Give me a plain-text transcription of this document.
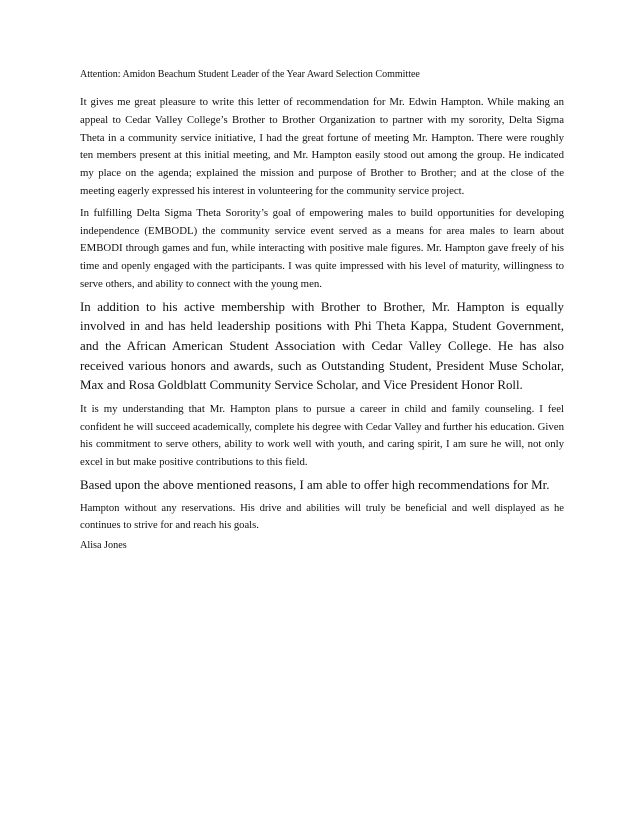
Attention: Amidon Beachum Student Leader of the Year Award Selection Committee

It gives me great pleasure to write this letter of recommendation for Mr. Edwin Hampton. While making an appeal to Cedar Valley College’s Brother to Brother Organization to partner with my sorority, Delta Sigma Theta in a community service initiative, I had the great fortune of meeting Mr. Hampton. There were roughly ten members present at this initial meeting, and Mr. Hampton easily stood out among the group. He indicated my place on the agenda; explained the mission and purpose of Brother to Brother; and at the close of the meeting eagerly expressed his interest in volunteering for the community service project.

In fulfilling Delta Sigma Theta Sorority’s goal of empowering males to build opportunities for developing independence (EMBODL) the community service event served as a means for area males to learn about EMBODI through games and fun, while interacting with positive male figures. Mr. Hampton gave freely of his time and openly engaged with the participants. I was quite impressed with his level of maturity, willingness to serve others, and ability to connect with the young men.

In addition to his active membership with Brother to Brother, Mr. Hampton is equally involved in and has held leadership positions with Phi Theta Kappa, Student Government, and the African American Student Association with Cedar Valley College. He has also received various honors and awards, such as Outstanding Student, President Muse Scholar, Max and Rosa Goldblatt Community Service Scholar, and Vice President Honor Roll.

It is my understanding that Mr. Hampton plans to pursue a career in child and family counseling. I feel confident he will succeed academically, complete his degree with Cedar Valley and further his education. Given his commitment to serve others, ability to work well with youth, and caring spirit, I am sure he will, not only excel in but make positive contributions to this field.

Based upon the above mentioned reasons, I am able to offer high recommendations for Mr.

Hampton without any reservations. His drive and abilities will truly be beneficial and well displayed as he continues to strive for and reach his goals.

Alisa Jones
